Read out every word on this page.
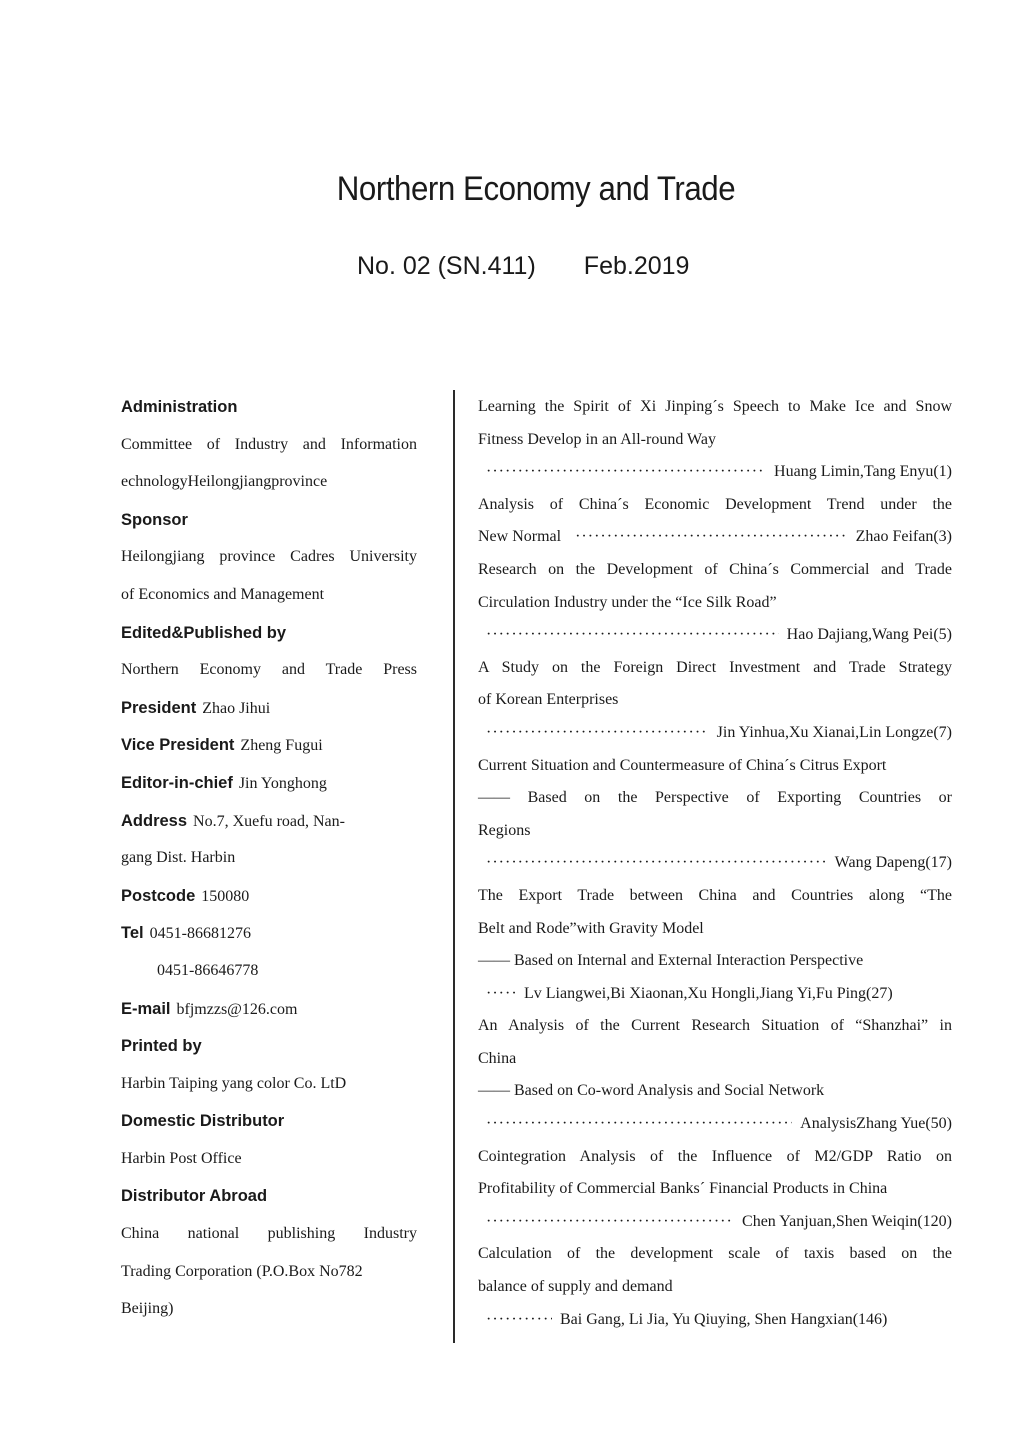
Northern Economy and Trade
No. 02 (SN.411) Feb.2019
Administration
Committee of Industry and Information
echnologyHeilongjiangprovince
Sponsor
Heilongjiang province Cadres University
of Economics and Management
Edited&Published by
Northern Economy and Trade Press
President Zhao Jihui
Vice President Zheng Fugui
Editor-in-chief Jin Yonghong
Address No.7, Xuefu road, Nan-
gang Dist. Harbin
Postcode 150080
Tel 0451-86681276
0451-86646778
E-mail bfjmzzs@126.com
Printed by
Harbin Taiping yang color Co. LtD
Domestic Distributor
Harbin Post Office
Distributor Abroad
China national publishing Industry
Trading Corporation (P.O.Box No782
Beijing)
Learning the Spirit of Xi Jinping´s Speech to Make Ice and Snow
Fitness Develop in an All-round Way
·····
Huang Limin,Tang Enyu(1)
Analysis of China´s Economic Development Trend under the
New Normal
·····	Zhao Feifan(3)
Research on the Development of China´s Commercial and Trade
Circulation Industry under the “Ice Silk Road”
·····
Hao Dajiang,Wang Pei(5)
A Study on the Foreign Direct Investment and Trade Strategy
of Korean Enterprises
·····
Jin Yinhua,Xu Xianai,Lin Longze(7)
Current Situation and Countermeasure of China´s Citrus Export
—— Based on the Perspective of Exporting Countries or
Regions
·····
Wang Dapeng(17)
The Export Trade between China and Countries along “The
Belt and Rode”with Gravity Model
—— Based on Internal and External Interaction Perspective
·····
Lv Liangwei,Bi Xiaonan,Xu Hongli,Jiang Yi,Fu Ping(27)
An Analysis of the Current Research Situation of “Shanzhai” in
China
—— Based on Co-word Analysis and Social Network
·····
AnalysisZhang Yue(50)
Cointegration Analysis of the Influence of M2/GDP Ratio on
Profitability of Commercial Banks´ Financial Products in China
·····
Chen Yanjuan,Shen Weiqin(120)
Calculation of the development scale of taxis based on the
balance of supply and demand
·····
Bai Gang, Li Jia, Yu Qiuying, Shen Hangxian(146)
